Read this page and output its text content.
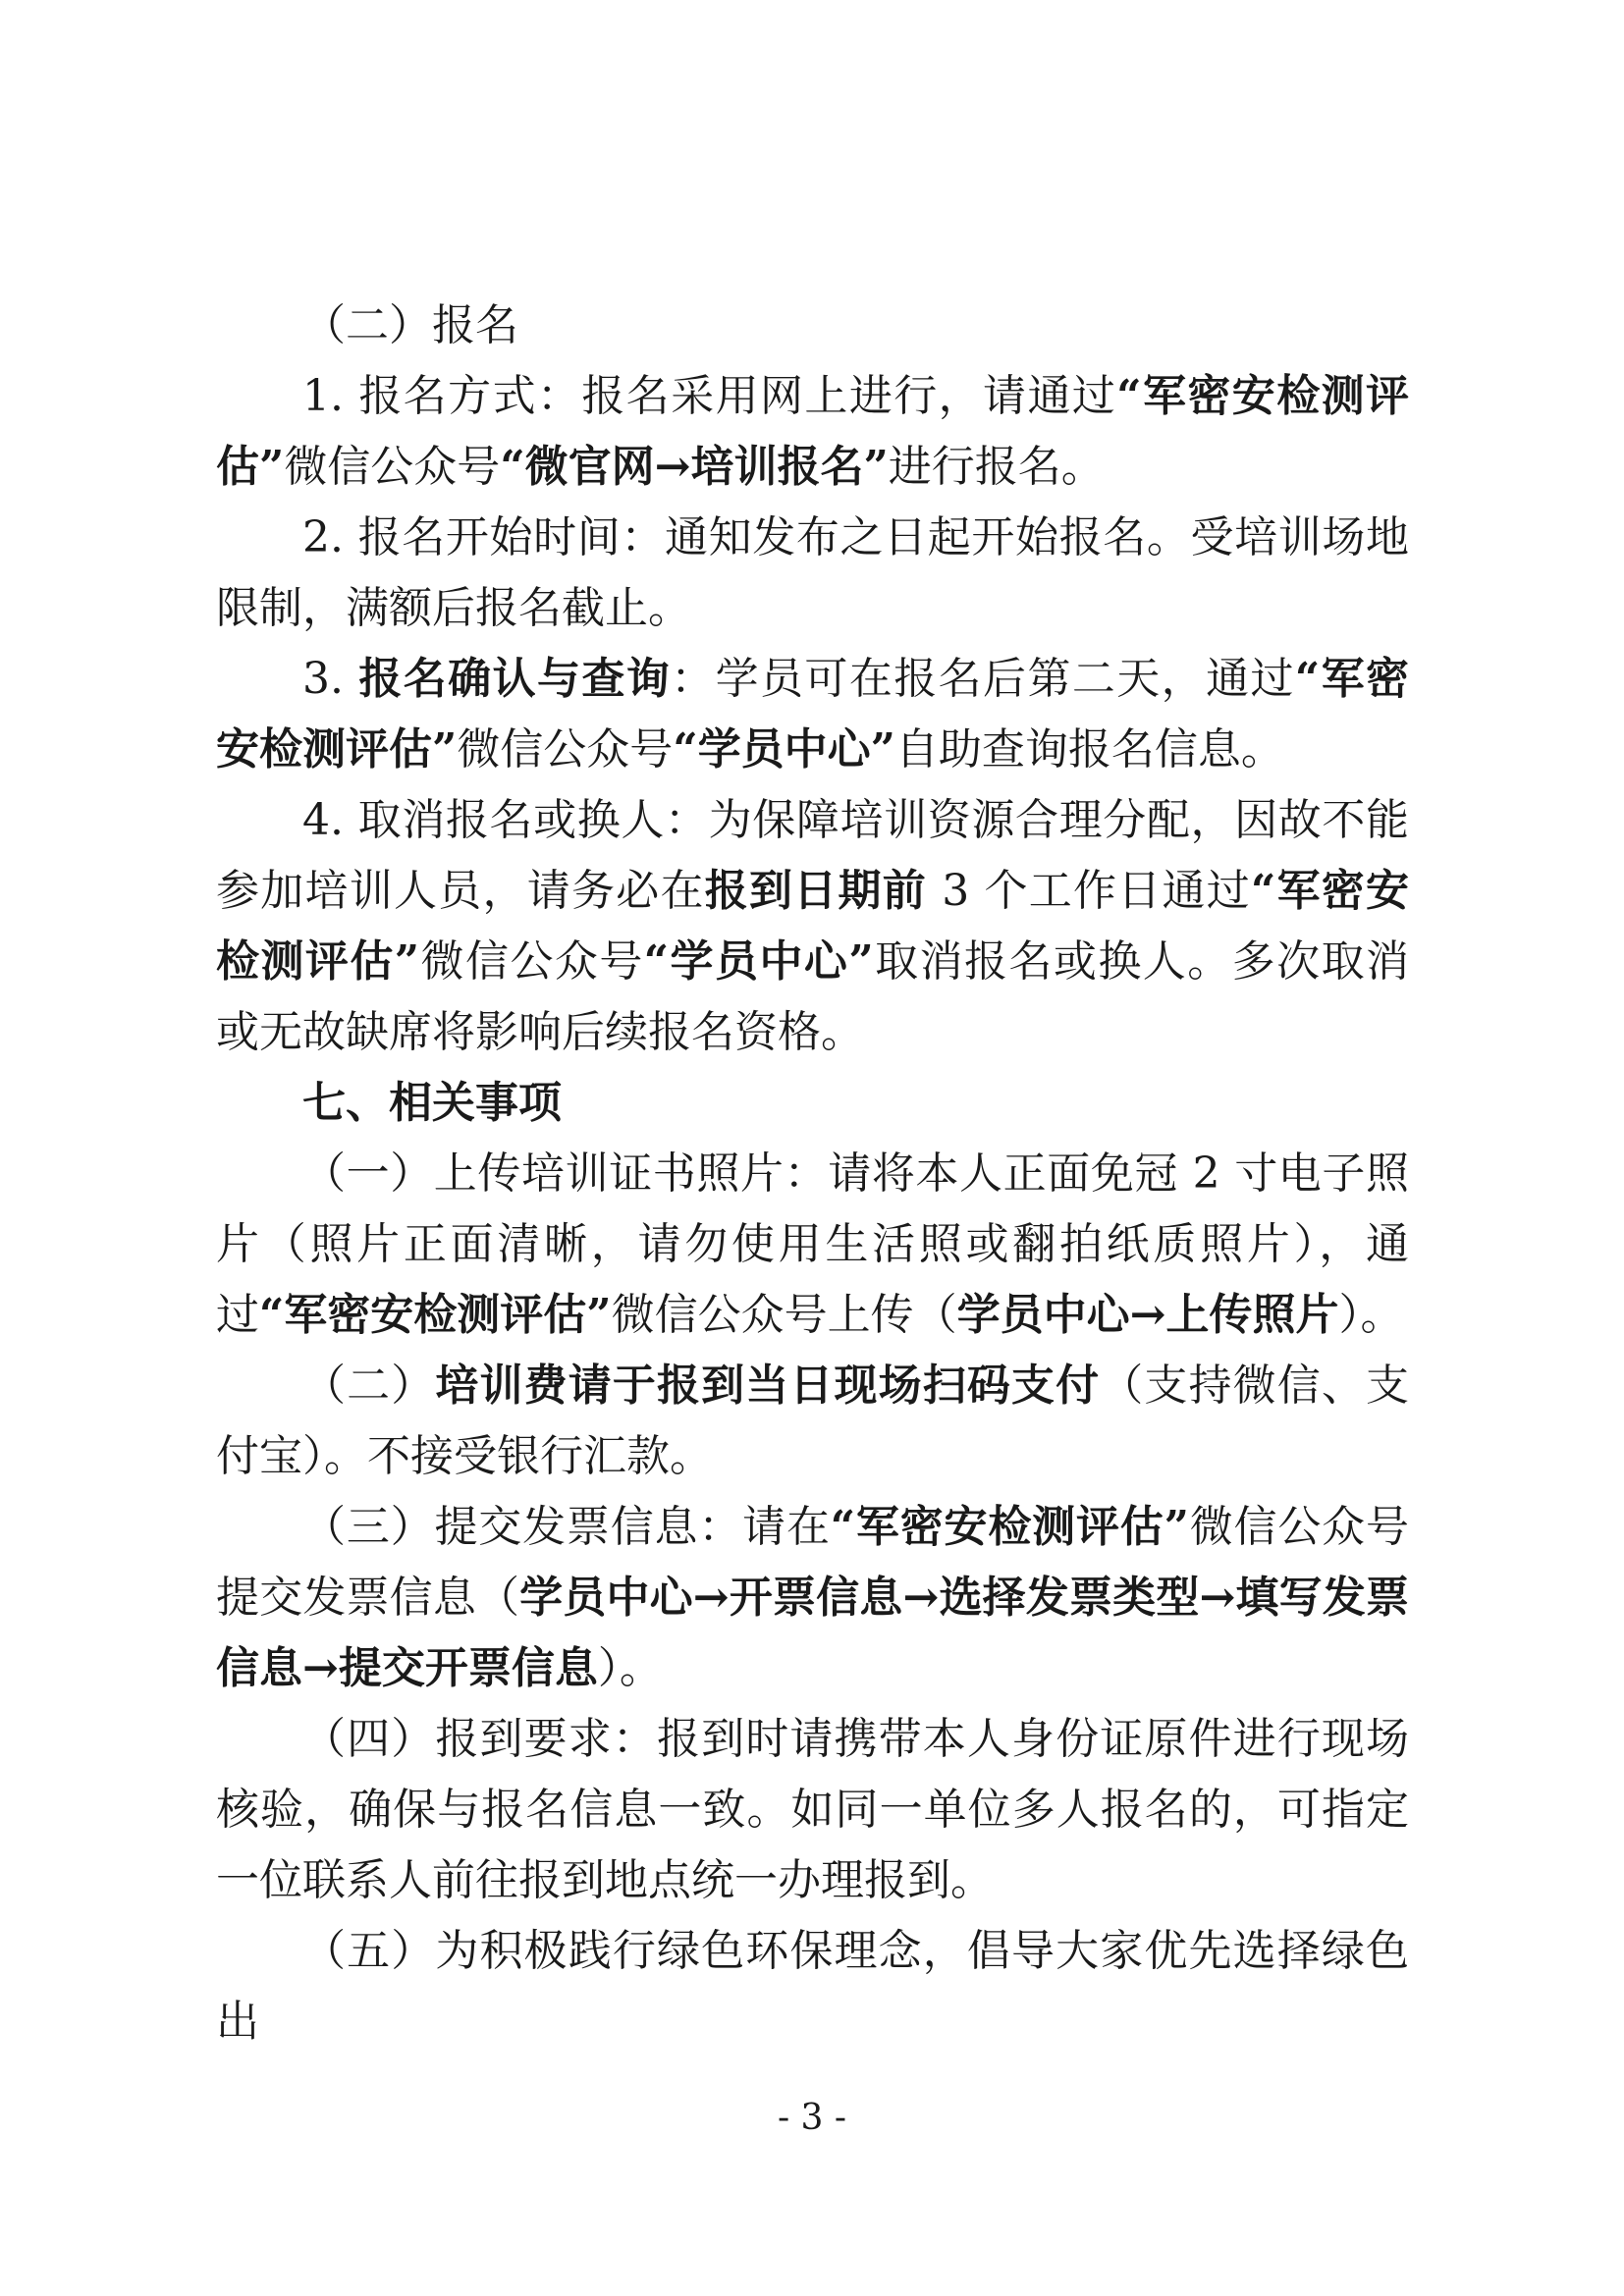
（二）报名

1. 报名方式：报名采用网上进行，请通过“军密安检测评估”微信公众号“微官网→培训报名”进行报名。

2. 报名开始时间：通知发布之日起开始报名。受培训场地限制，满额后报名截止。

3. 报名确认与查询：学员可在报名后第二天，通过“军密安检测评估”微信公众号“学员中心”自助查询报名信息。

4. 取消报名或换人：为保障培训资源合理分配，因故不能参加培训人员，请务必在报到日期前 3 个工作日通过“军密安检测评估”微信公众号“学员中心”取消报名或换人。多次取消或无故缺席将影响后续报名资格。

七、相关事项

（一）上传培训证书照片：请将本人正面免冠 2 寸电子照片（照片正面清晰，请勿使用生活照或翻拍纸质照片），通过“军密安检测评估”微信公众号上传（学员中心→上传照片）。

（二）培训费请于报到当日现场扫码支付（支持微信、支付宝）。不接受银行汇款。

（三）提交发票信息：请在“军密安检测评估”微信公众号提交发票信息（学员中心→开票信息→选择发票类型→填写发票信息→提交开票信息）。

（四）报到要求：报到时请携带本人身份证原件进行现场核验，确保与报名信息一致。如同一单位多人报名的，可指定一位联系人前往报到地点统一办理报到。

（五）为积极践行绿色环保理念，倡导大家优先选择绿色出

- 3 -
